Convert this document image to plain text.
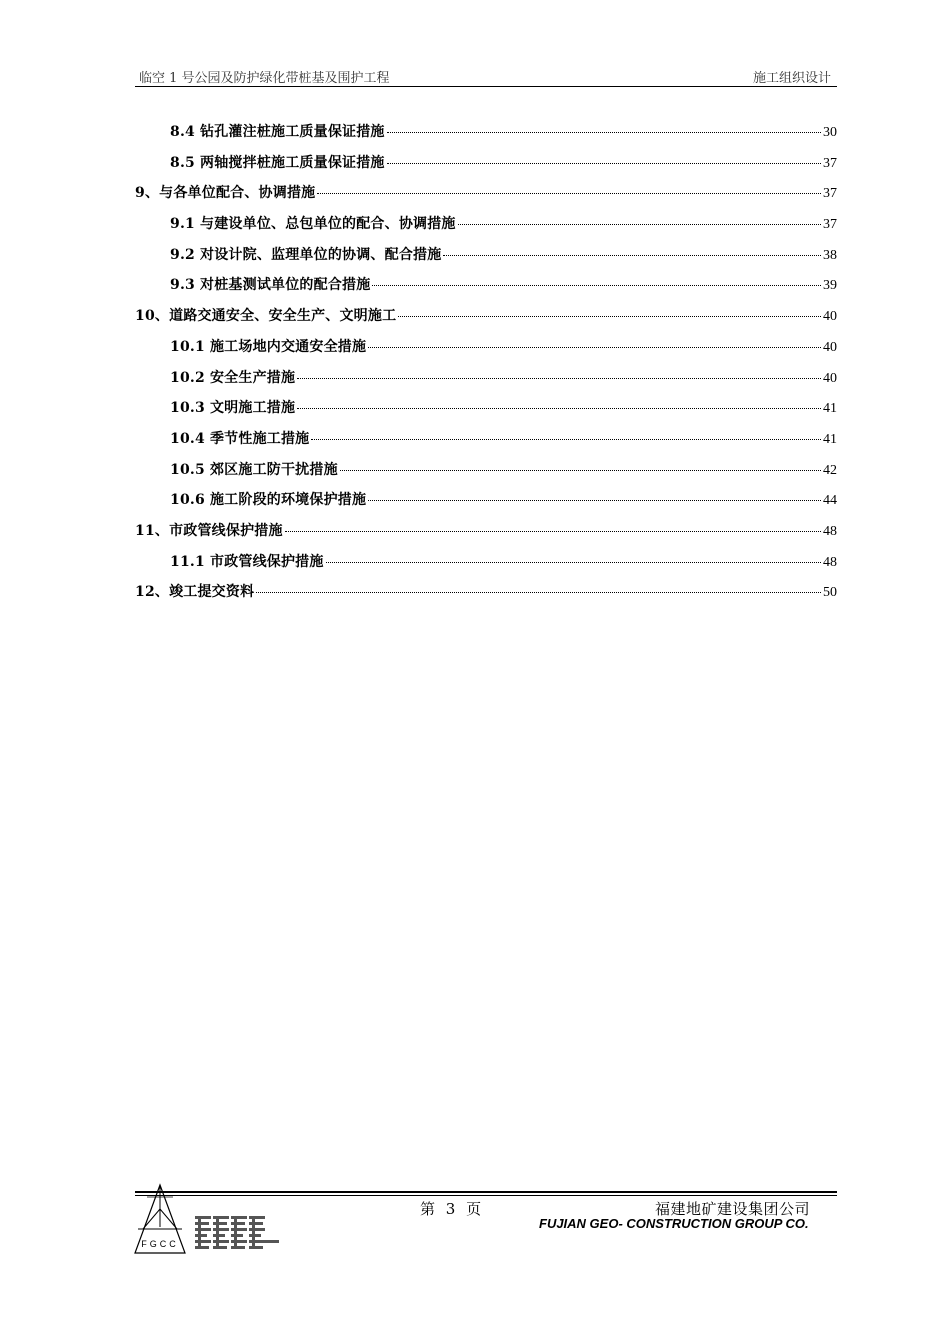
临空 1 号公园及防护绿化带桩基及围护工程	施工组织设计
8.4 钻孔灌注桩施工质量保证措施	30
8.5 两轴搅拌桩施工质量保证措施	37
9、与各单位配合、协调措施	37
9.1 与建设单位、总包单位的配合、协调措施	37
9.2 对设计院、监理单位的协调、配合措施	38
9.3 对桩基测试单位的配合措施	39
10、道路交通安全、安全生产、文明施工	40
10.1 施工场地内交通安全措施	40
10.2 安全生产措施	40
10.3 文明施工措施	41
10.4 季节性施工措施	41
10.5 郊区施工防干扰措施	42
10.6 施工阶段的环境保护措施	44
11、市政管线保护措施	48
11.1 市政管线保护措施	48
12、竣工提交资料	50
FGCC
第 3 页	福建地矿建设集团公司
FUJIAN GEO- CONSTRUCTION GROUP CO.
